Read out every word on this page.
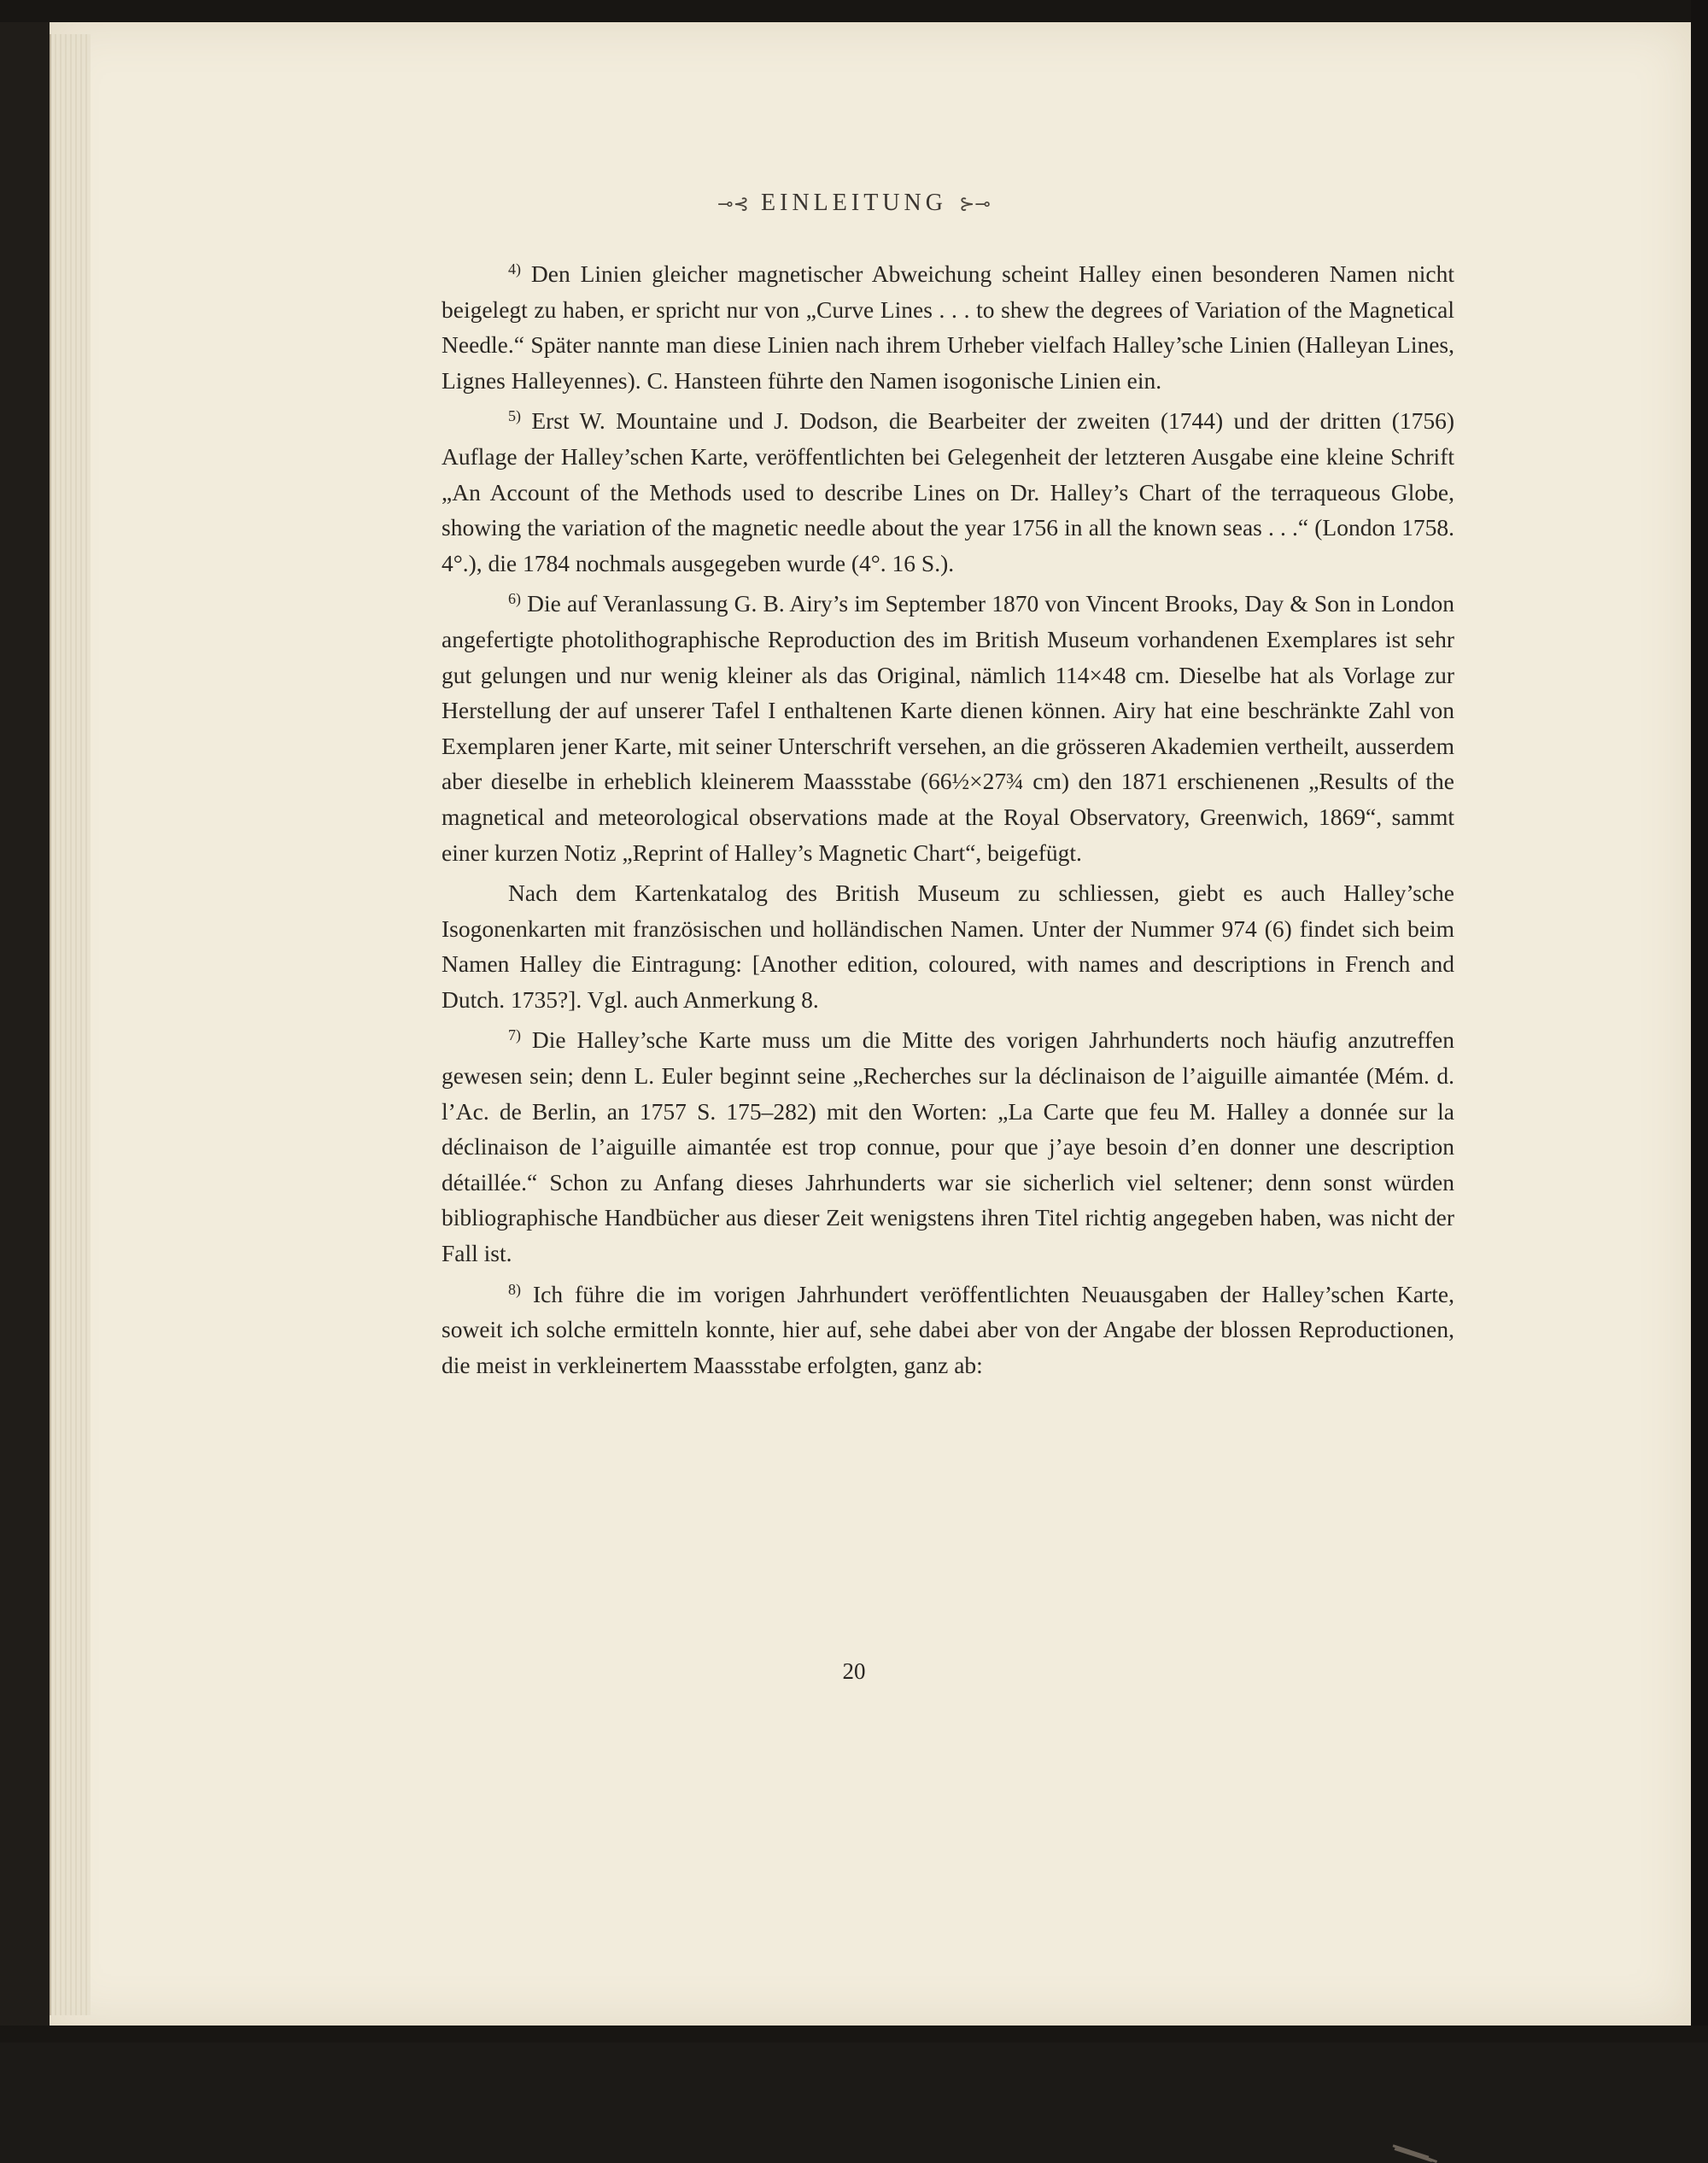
⊸⊰ EINLEITUNG ⊱⊸

$^{4)}$ Den Linien gleicher magnetischer Abweichung scheint Halley einen besonderen Namen nicht beigelegt zu haben, er spricht nur von „Curve Lines . . . to shew the degrees of Variation of the Magnetical Needle.“ Später nannte man diese Linien nach ihrem Urheber vielfach Halley’sche Linien (Halleyan Lines, Lignes Halleyennes). C. Hansteen führte den Namen isogonische Linien ein.

$^{5)}$ Erst W. Mountaine und J. Dodson, die Bearbeiter der zweiten (1744) und der dritten (1756) Auflage der Halley’schen Karte, veröffentlichten bei Gelegenheit der letzteren Ausgabe eine kleine Schrift „An Account of the Methods used to describe Lines on Dr. Halley’s Chart of the terraqueous Globe, showing the variation of the magnetic needle about the year 1756 in all the known seas . . .“ (London 1758. 4°.), die 1784 nochmals ausgegeben wurde (4°. 16 S.).

$^{6)}$ Die auf Veranlassung G. B. Airy’s im September 1870 von Vincent Brooks, Day & Son in London angefertigte photolithographische Reproduction des im British Museum vorhandenen Exemplares ist sehr gut gelungen und nur wenig kleiner als das Original, nämlich 114×48 cm. Dieselbe hat als Vorlage zur Herstellung der auf unserer Tafel I enthaltenen Karte dienen können. Airy hat eine beschränkte Zahl von Exemplaren jener Karte, mit seiner Unterschrift versehen, an die grösseren Akademien vertheilt, ausserdem aber dieselbe in erheblich kleinerem Maassstabe (66½×27¾ cm) den 1871 erschienenen „Results of the magnetical and meteorological observations made at the Royal Observatory, Greenwich, 1869“, sammt einer kurzen Notiz „Reprint of Halley’s Magnetic Chart“, beigefügt.

Nach dem Kartenkatalog des British Museum zu schliessen, giebt es auch Halley’sche Isogonenkarten mit französischen und holländischen Namen. Unter der Nummer 974 (6) findet sich beim Namen Halley die Eintragung: [Another edition, coloured, with names and descriptions in French and Dutch. 1735?]. Vgl. auch Anmerkung 8.

$^{7)}$ Die Halley’sche Karte muss um die Mitte des vorigen Jahrhunderts noch häufig anzutreffen gewesen sein; denn L. Euler beginnt seine „Recherches sur la déclinaison de l’aiguille aimantée (Mém. d. l’Ac. de Berlin, an 1757 S. 175–282) mit den Worten: „La Carte que feu M. Halley a donnée sur la déclinaison de l’aiguille aimantée est trop connue, pour que j’aye besoin d’en donner une description détaillée.“ Schon zu Anfang dieses Jahrhunderts war sie sicherlich viel seltener; denn sonst würden bibliographische Handbücher aus dieser Zeit wenigstens ihren Titel richtig angegeben haben, was nicht der Fall ist.

$^{8)}$ Ich führe die im vorigen Jahrhundert veröffentlichten Neuausgaben der Halley’schen Karte, soweit ich solche ermitteln konnte, hier auf, sehe dabei aber von der Angabe der blossen Reproductionen, die meist in verkleinertem Maassstabe erfolgten, ganz ab:

20
